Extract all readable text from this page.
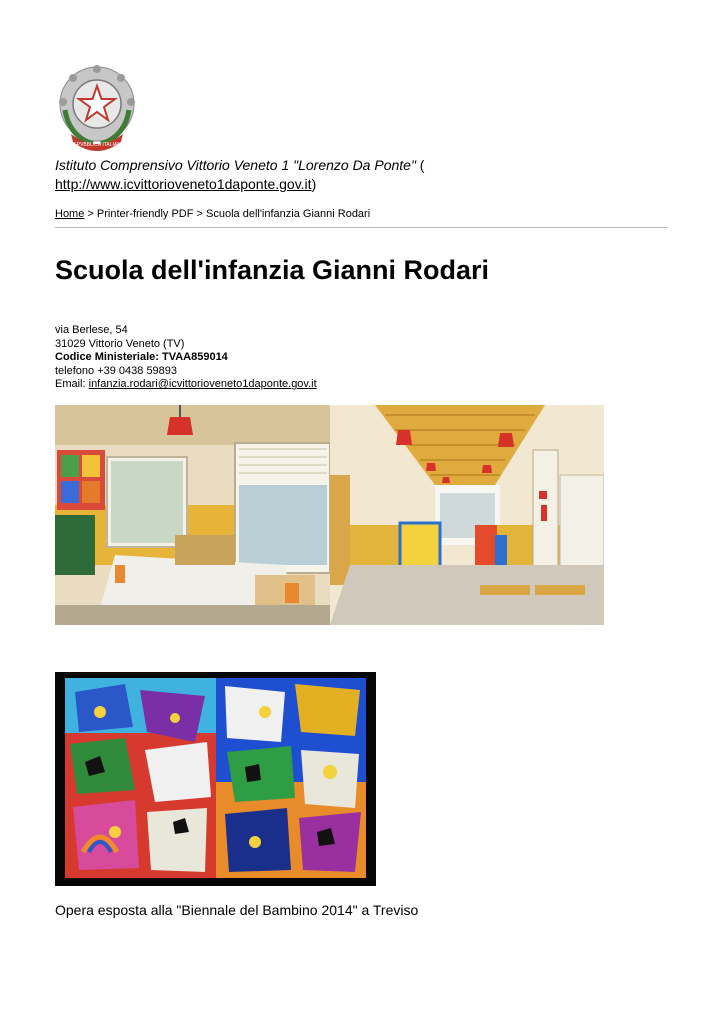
REPVBBLICA ITALIANA
Istituto Comprensivo Vittorio Veneto 1 "Lorenzo Da Ponte" (
http://www.icvittorioveneto1daponte.gov.it)
Home > Printer-friendly PDF > Scuola dell'infanzia Gianni Rodari
Scuola dell'infanzia Gianni Rodari
via Berlese, 54
31029 Vittorio Veneto (TV)
Codice Ministeriale: TVAA859014
telefono +39 0438 59893
Email: infanzia.rodari@icvittorioveneto1daponte.gov.it
Opera esposta alla "Biennale del Bambino 2014" a Treviso
